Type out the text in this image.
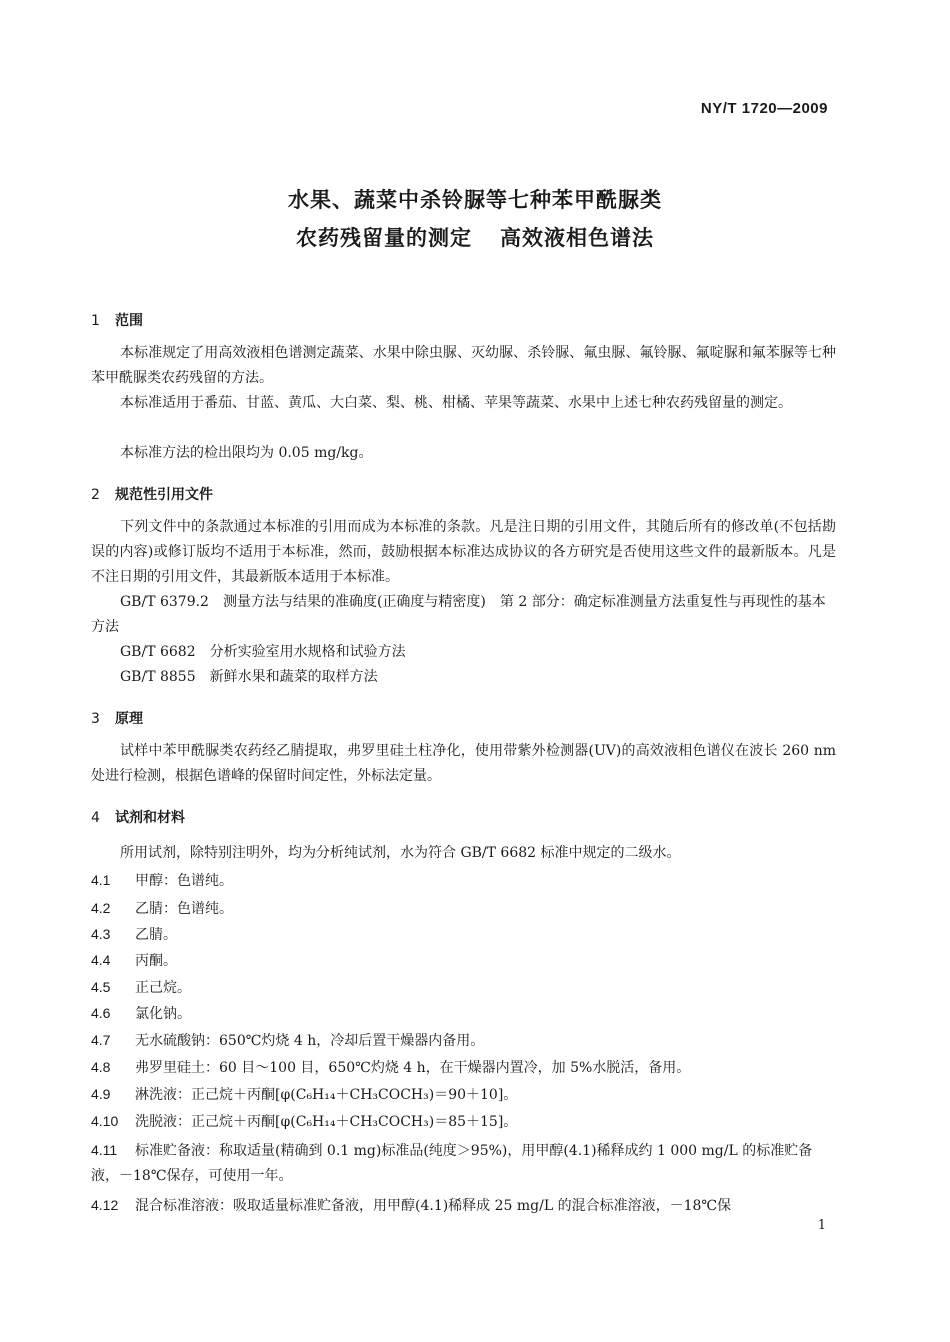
NY/T 1720—2009
水果、蔬菜中杀铃脲等七种苯甲酰脲类
农药残留量的测定 高效液相色谱法
1 范围
本标准规定了用高效液相色谱测定蔬菜、水果中除虫脲、灭幼脲、杀铃脲、氟虫脲、氟铃脲、氟啶脲和氟苯脲等七种苯甲酰脲类农药残留的方法。
本标准适用于番茄、甘蓝、黄瓜、大白菜、梨、桃、柑橘、苹果等蔬菜、水果中上述七种农药残留量的测定。
本标准方法的检出限均为 0.05 mg/kg。
2 规范性引用文件
下列文件中的条款通过本标准的引用而成为本标准的条款。凡是注日期的引用文件，其随后所有的修改单(不包括勘误的内容)或修订版均不适用于本标准，然而，鼓励根据本标准达成协议的各方研究是否使用这些文件的最新版本。凡是不注日期的引用文件，其最新版本适用于本标准。
GB/T 6379.2　测量方法与结果的准确度(正确度与精密度)　第 2 部分：确定标准测量方法重复性与再现性的基本方法
GB/T 6682　分析实验室用水规格和试验方法
GB/T 8855　新鲜水果和蔬菜的取样方法
3 原理
试样中苯甲酰脲类农药经乙腈提取，弗罗里硅土柱净化，使用带紫外检测器(UV)的高效液相色谱仪在波长 260 nm 处进行检测，根据色谱峰的保留时间定性，外标法定量。
4 试剂和材料
所用试剂，除特别注明外，均为分析纯试剂，水为符合 GB/T 6682 标准中规定的二级水。
4.1 甲醇：色谱纯。
4.2 乙腈：色谱纯。
4.3 乙腈。
4.4 丙酮。
4.5 正己烷。
4.6 氯化钠。
4.7 无水硫酸钠：650℃灼烧 4 h，冷却后置干燥器内备用。
4.8 弗罗里硅土：60 目～100 目，650℃灼烧 4 h，在干燥器内置冷，加 5%水脱活，备用。
4.9 淋洗液：正己烷＋丙酮[φ(C₆H₁₄＋CH₃COCH₃)＝90＋10]。
4.10 洗脱液：正己烷＋丙酮[φ(C₆H₁₄＋CH₃COCH₃)＝85＋15]。
4.11 标准贮备液：称取适量(精确到 0.1 mg)标准品(纯度＞95%)，用甲醇(4.1)稀释成约 1 000 mg/L 的标准贮备液，－18℃保存，可使用一年。
4.12 混合标准溶液：吸取适量标准贮备液，用甲醇(4.1)稀释成 25 mg/L 的混合标准溶液，－18℃保
1
